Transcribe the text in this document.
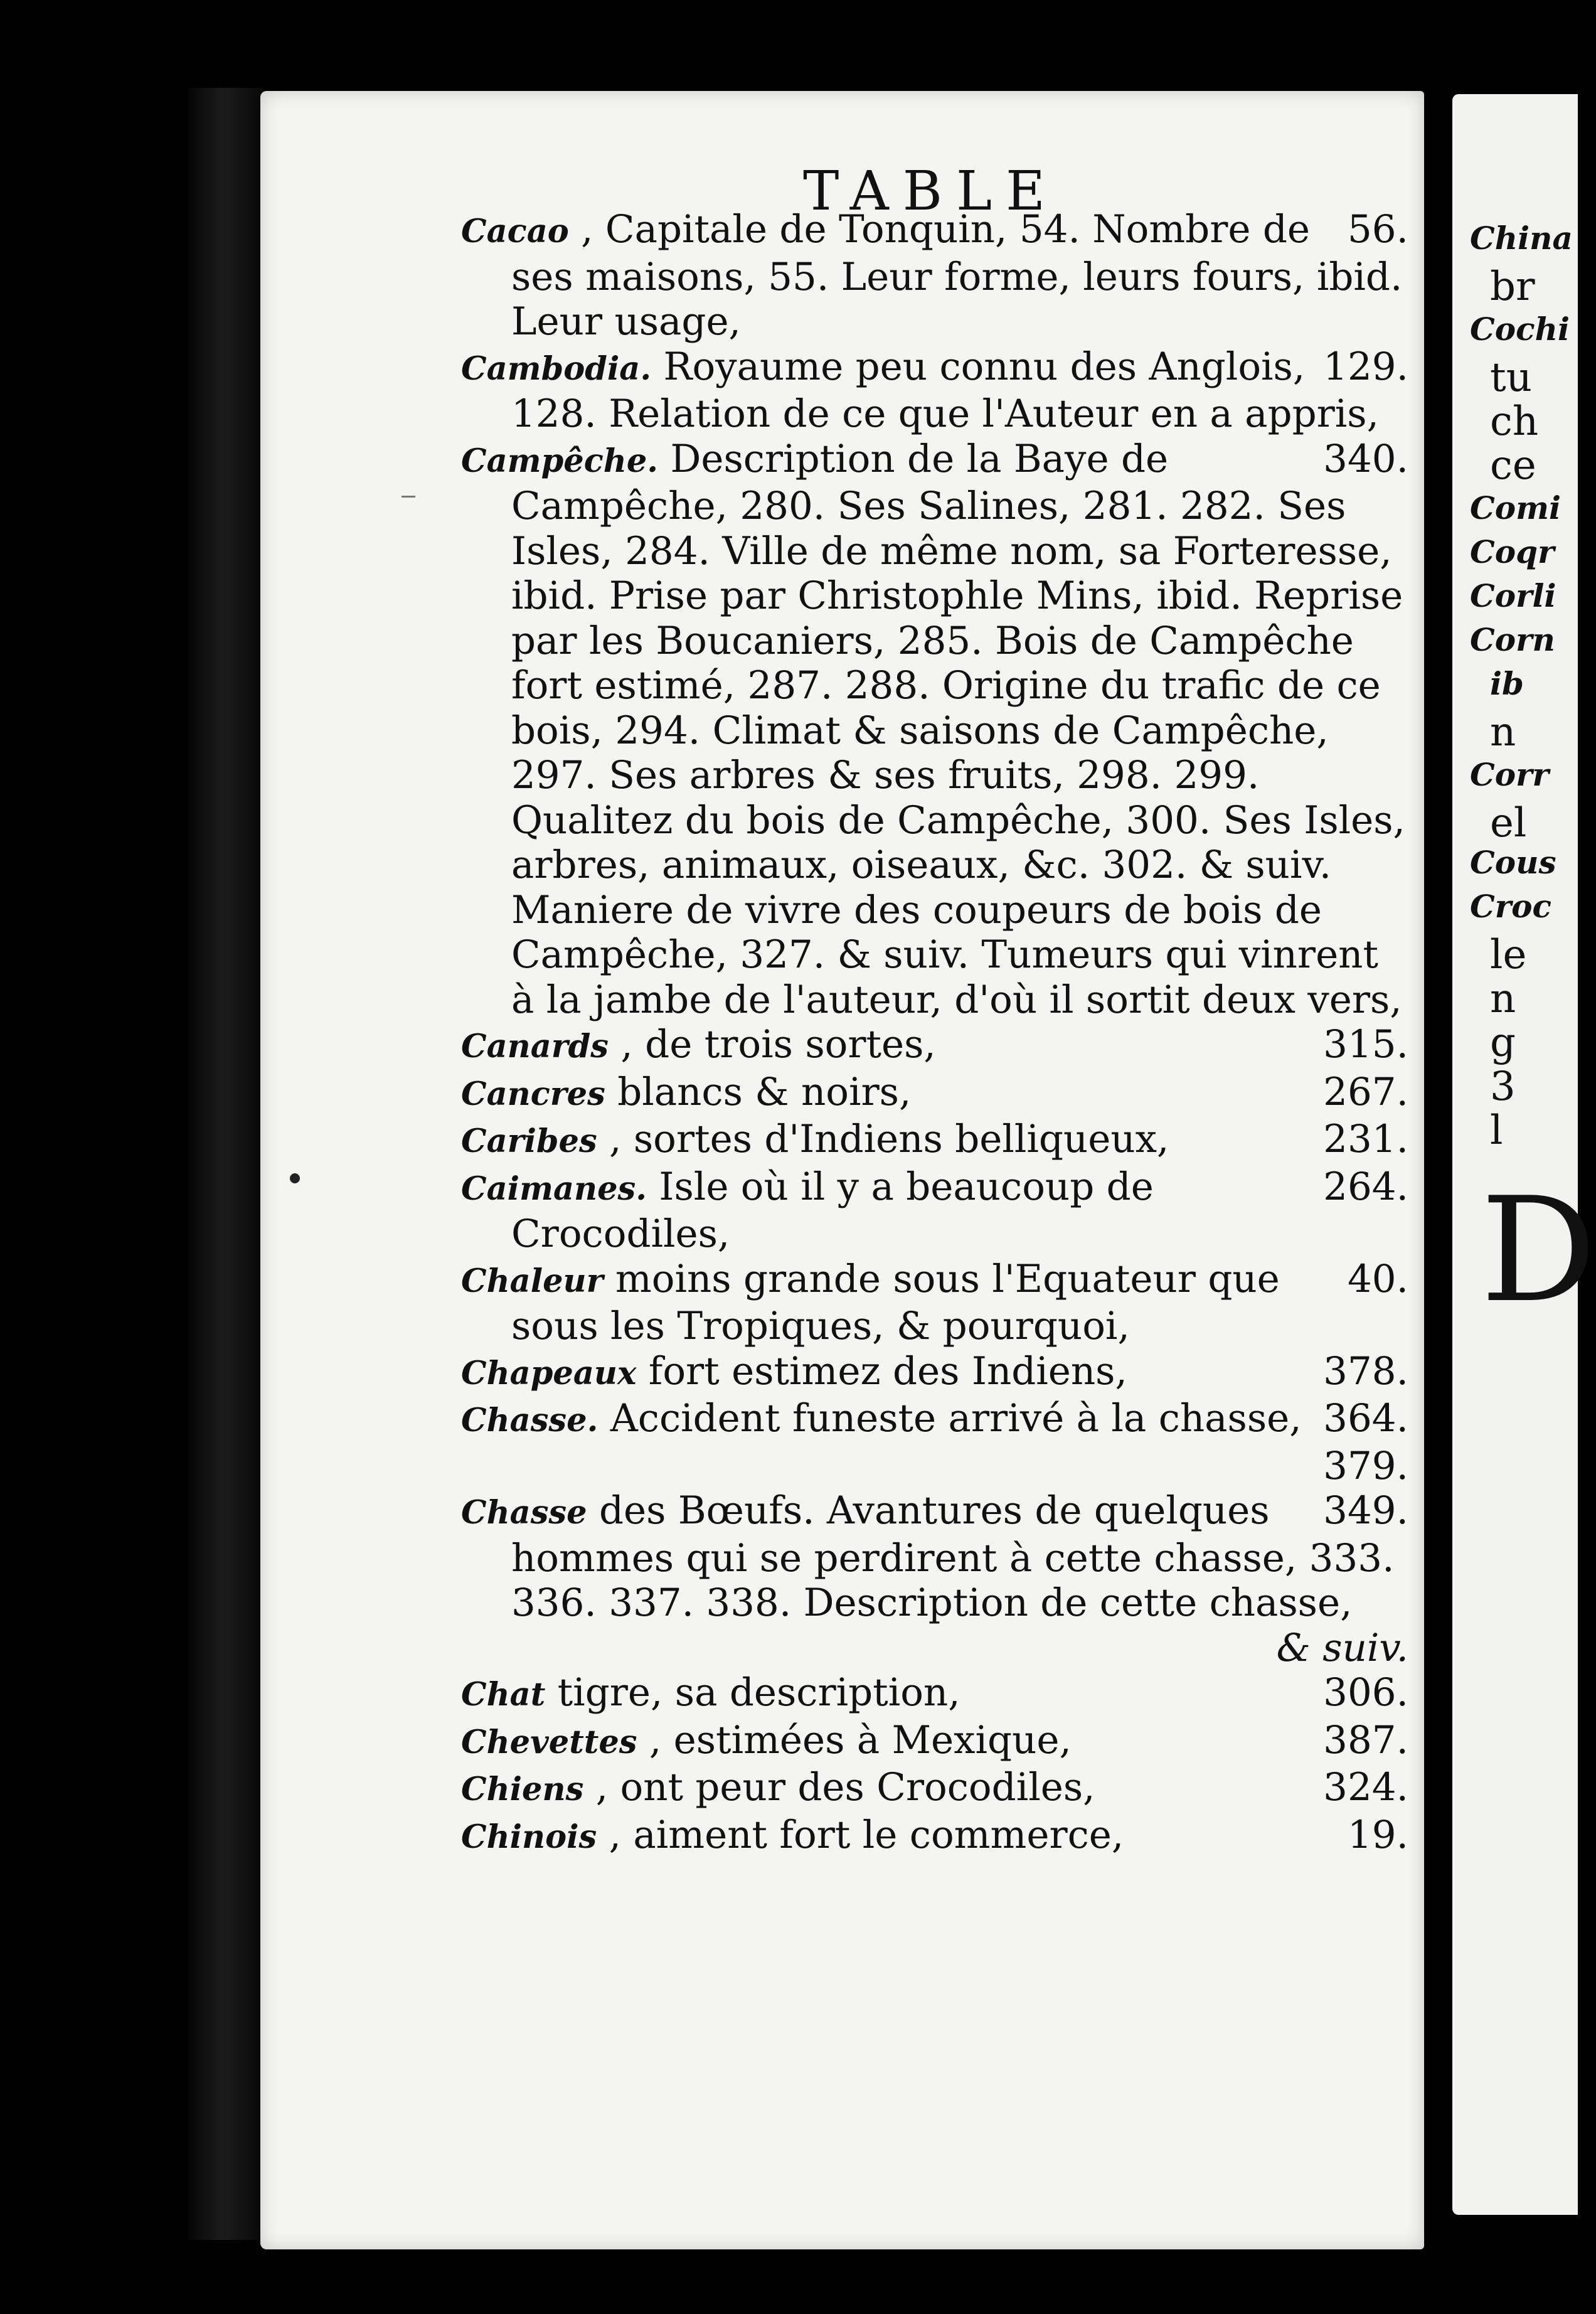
TABLE

56.
Cacao , Capitale de Tonquin, 54. Nombre de ses maisons, 55. Leur forme, leurs fours, ibid. Leur usage,

129.
Cambodia. Royaume peu connu des Anglois, 128. Relation de ce que l'Auteur en a appris,

340.
Campêche. Description de la Baye de Campêche, 280. Ses Salines, 281. 282. Ses Isles, 284. Ville de même nom, sa Forteresse, ibid. Prise par Christophle Mins, ibid. Reprise par les Boucaniers, 285. Bois de Campêche fort estimé, 287. 288. Origine du trafic de ce bois, 294. Climat & saisons de Campêche, 297. Ses arbres & ses fruits, 298. 299. Qualitez du bois de Campêche, 300. Ses Isles, arbres, animaux, oiseaux, &c. 302. & suiv. Maniere de vivre des coupeurs de bois de Campêche, 327. & suiv. Tumeurs qui vinrent à la jambe de l'auteur, d'où il sortit deux vers,

315.
Canards , de trois sortes,

267.
Cancres blancs & noirs,

231.
Caribes , sortes d'Indiens belliqueux,

264.
Caimanes. Isle où il y a beaucoup de Crocodiles,

40.
Chaleur moins grande sous l'Equateur que sous les Tropiques, & pourquoi,

378.
Chapeaux fort estimez des Indiens,

364.
Chasse. Accident funeste arrivé à la chasse,

379.

349.
Chasse des Bœufs. Avantures de quelques hommes qui se perdirent à cette chasse, 333. 336. 337. 338. Description de cette chasse,

& suiv.

306.
Chat tigre, sa description,

387.
Chevettes , estimées à Mexique,

324.
Chiens , ont peur des Crocodiles,

19.
Chinois , aiment fort le commerce,

China
br
Cochi
tu
ch
ce
Comi
Coqr
Corli
Corn
ib
n
Corr
el
Cous
Croc
le
n
g
3
l
D
